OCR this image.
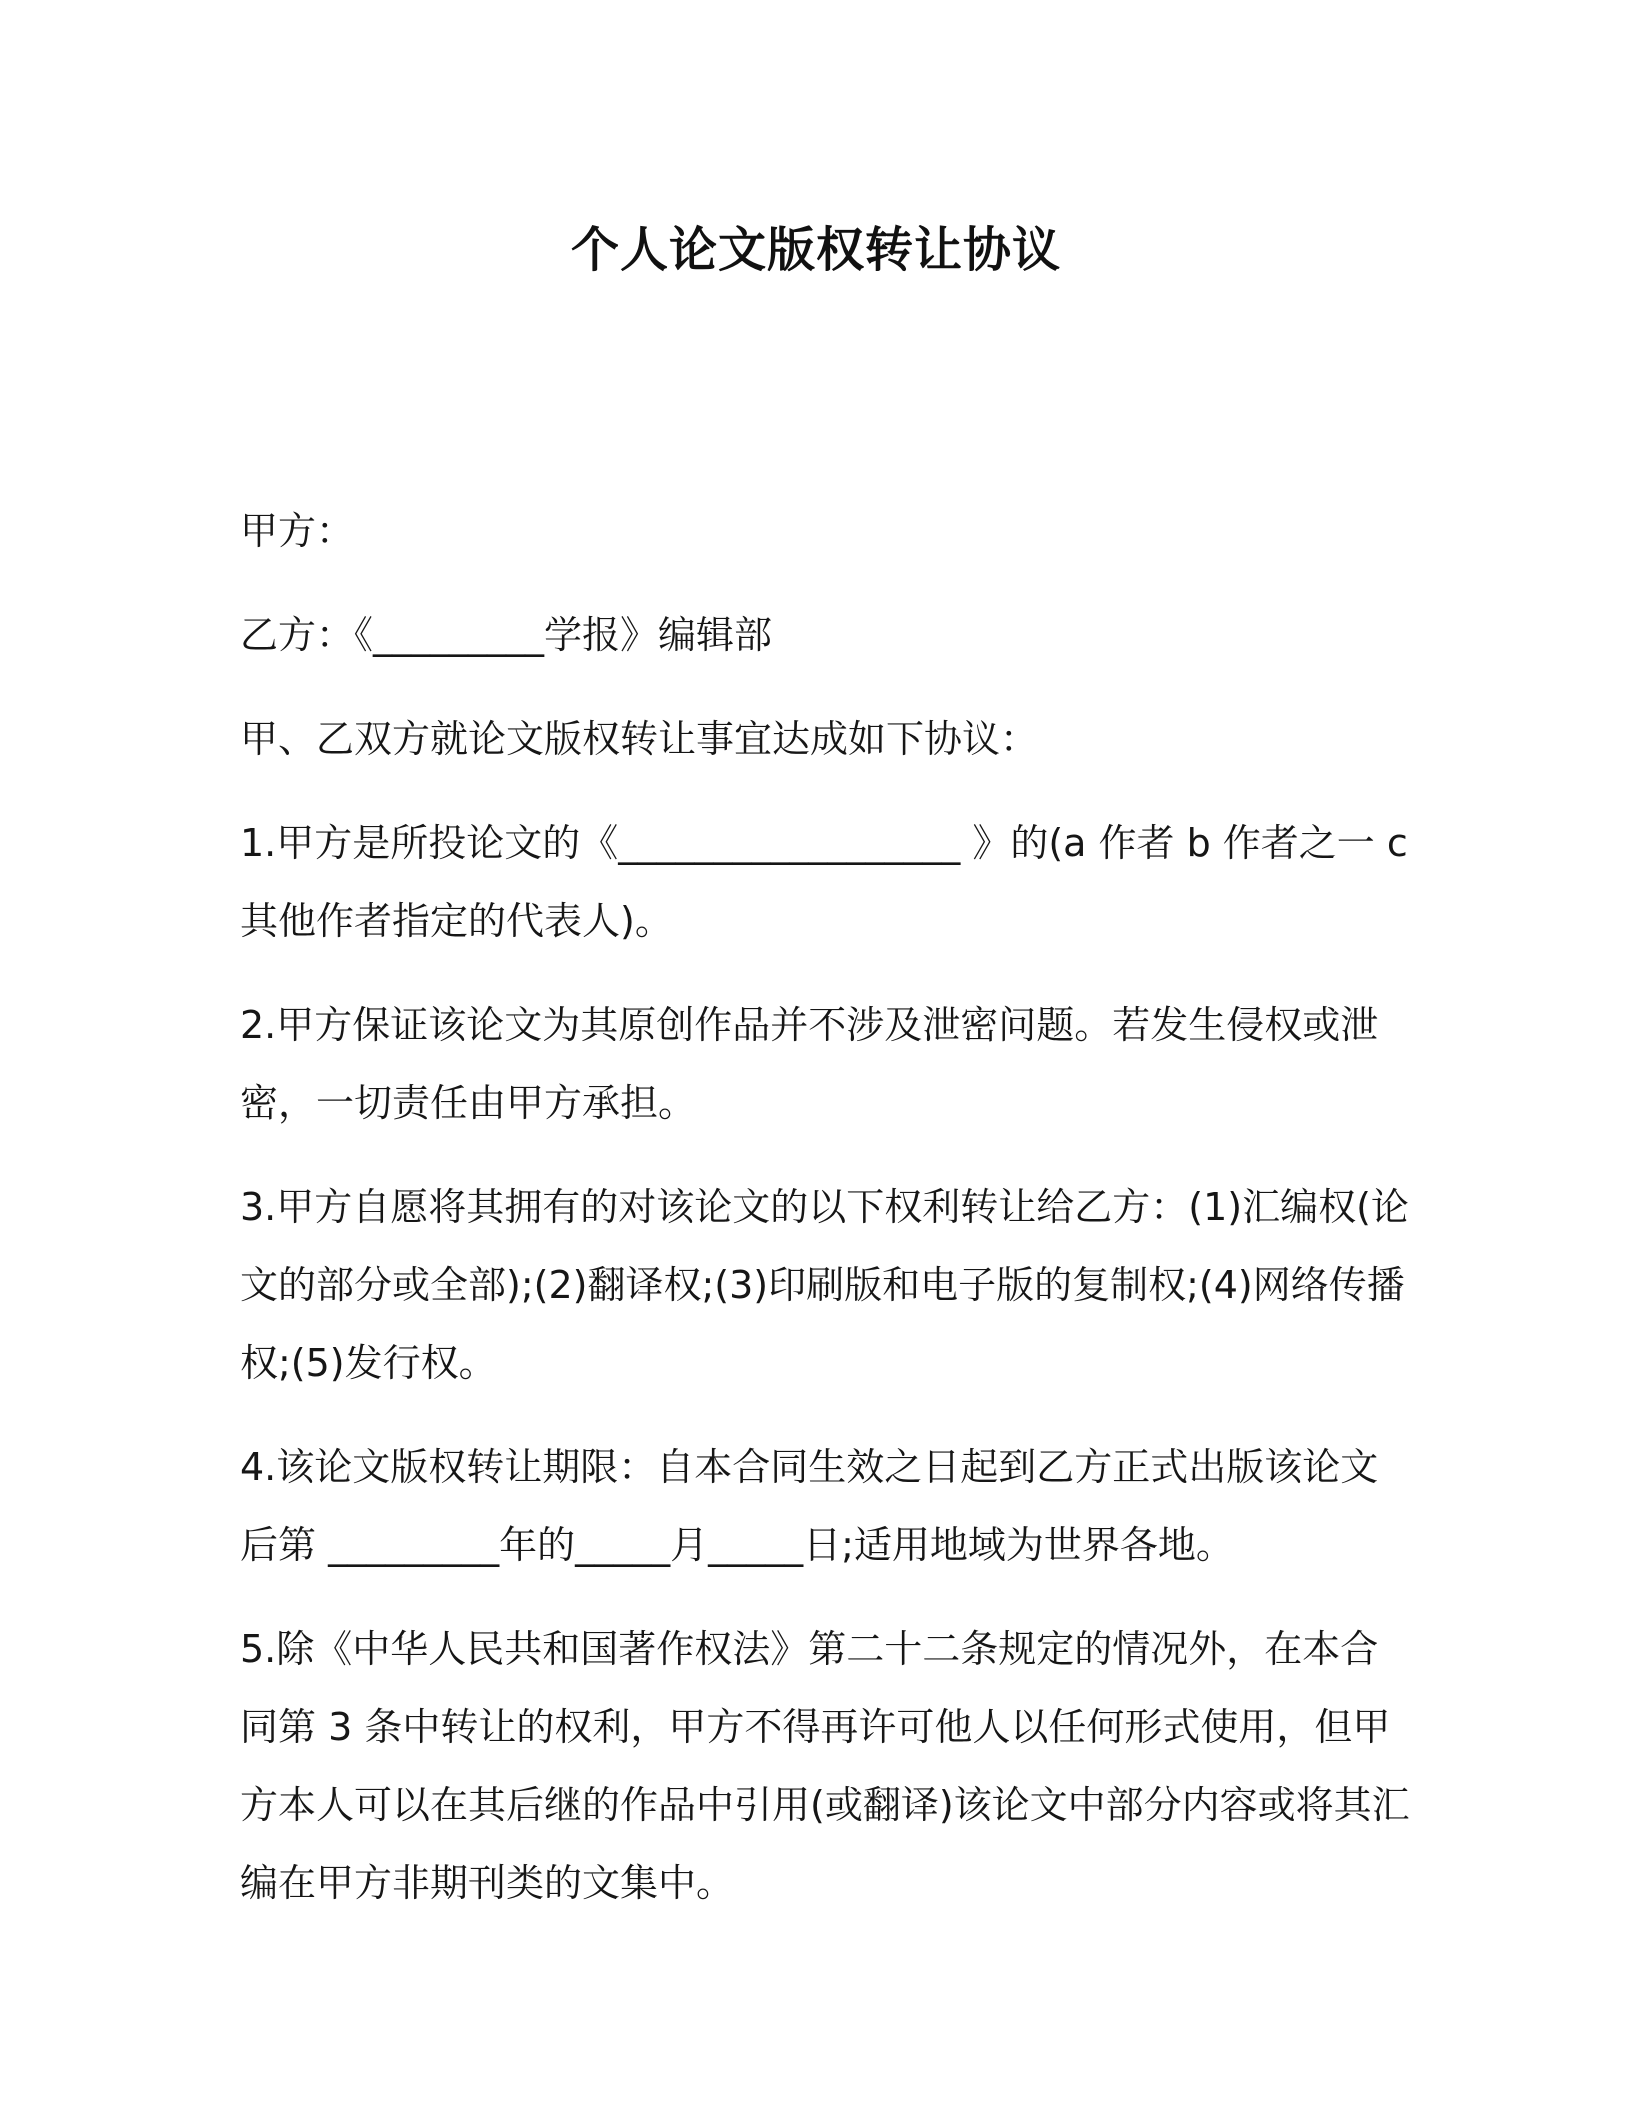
个人论文版权转让协议

甲方：

乙方：《_________学报》编辑部

甲、乙双方就论文版权转让事宜达成如下协议：

1.甲方是所投论文的《__________________ 》的(a 作者 b 作者之一 c
其他作者指定的代表人)。

2.甲方保证该论文为其原创作品并不涉及泄密问题。若发生侵权或泄
密，一切责任由甲方承担。

3.甲方自愿将其拥有的对该论文的以下权利转让给乙方：(1)汇编权(论
文的部分或全部);(2)翻译权;(3)印刷版和电子版的复制权;(4)网络传播
权;(5)发行权。

4.该论文版权转让期限：自本合同生效之日起到乙方正式出版该论文
后第 _________年的_____月_____日;适用地域为世界各地。

5.除《中华人民共和国著作权法》第二十二条规定的情况外，在本合
同第 3 条中转让的权利，甲方不得再许可他人以任何形式使用，但甲
方本人可以在其后继的作品中引用(或翻译)该论文中部分内容或将其汇
编在甲方非期刊类的文集中。
